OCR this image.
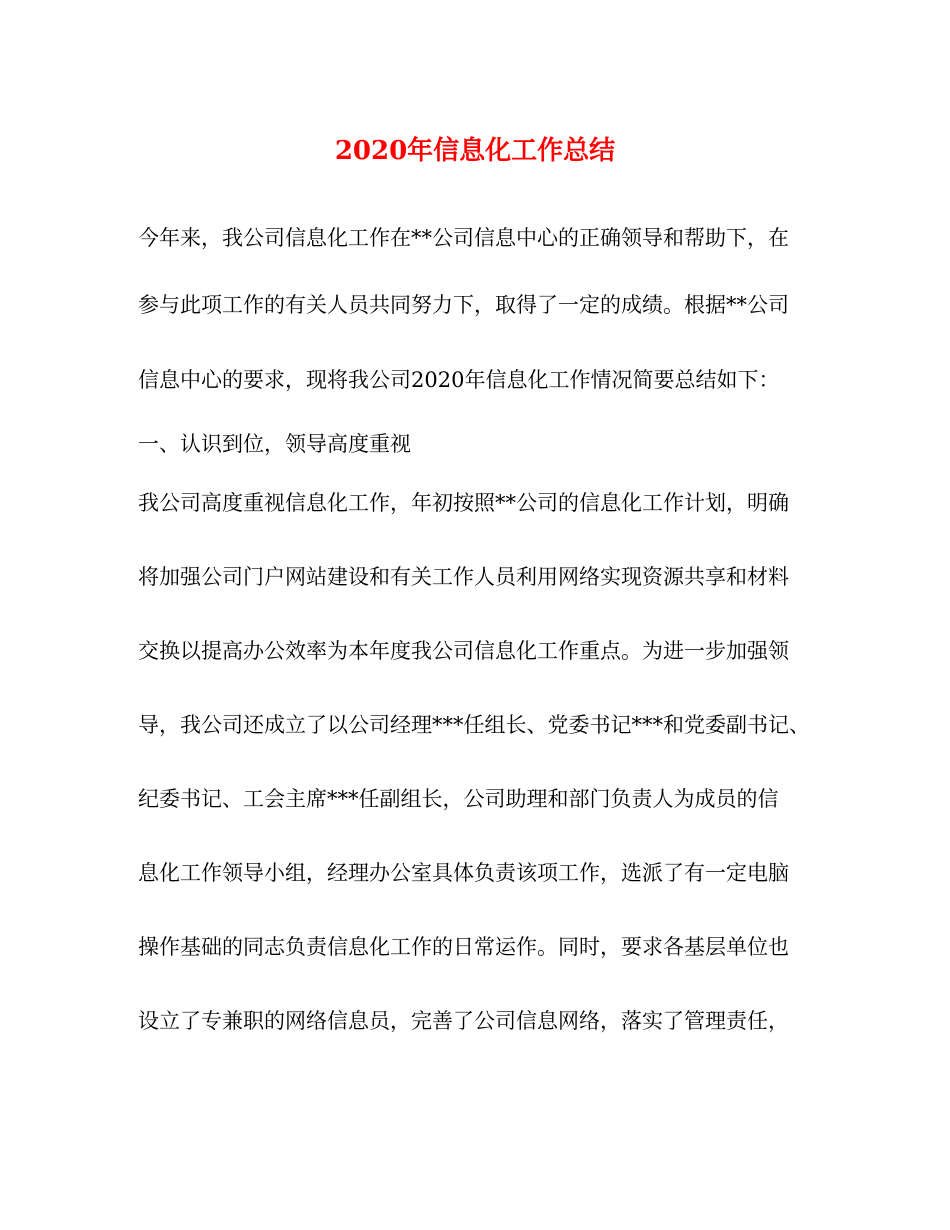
2020年信息化工作总结
今年来，我公司信息化工作在**公司信息中心的正确领导和帮助下，在
参与此项工作的有关人员共同努力下，取得了一定的成绩。根据**公司
信息中心的要求，现将我公司2020年信息化工作情况简要总结如下：
一、认识到位，领导高度重视
我公司高度重视信息化工作，年初按照**公司的信息化工作计划，明确
将加强公司门户网站建设和有关工作人员利用网络实现资源共享和材料
交换以提高办公效率为本年度我公司信息化工作重点。为进一步加强领
导，我公司还成立了以公司经理***任组长、党委书记***和党委副书记、
纪委书记、工会主席***任副组长，公司助理和部门负责人为成员的信
息化工作领导小组，经理办公室具体负责该项工作，选派了有一定电脑
操作基础的同志负责信息化工作的日常运作。同时，要求各基层单位也
设立了专兼职的网络信息员，完善了公司信息网络，落实了管理责任，
